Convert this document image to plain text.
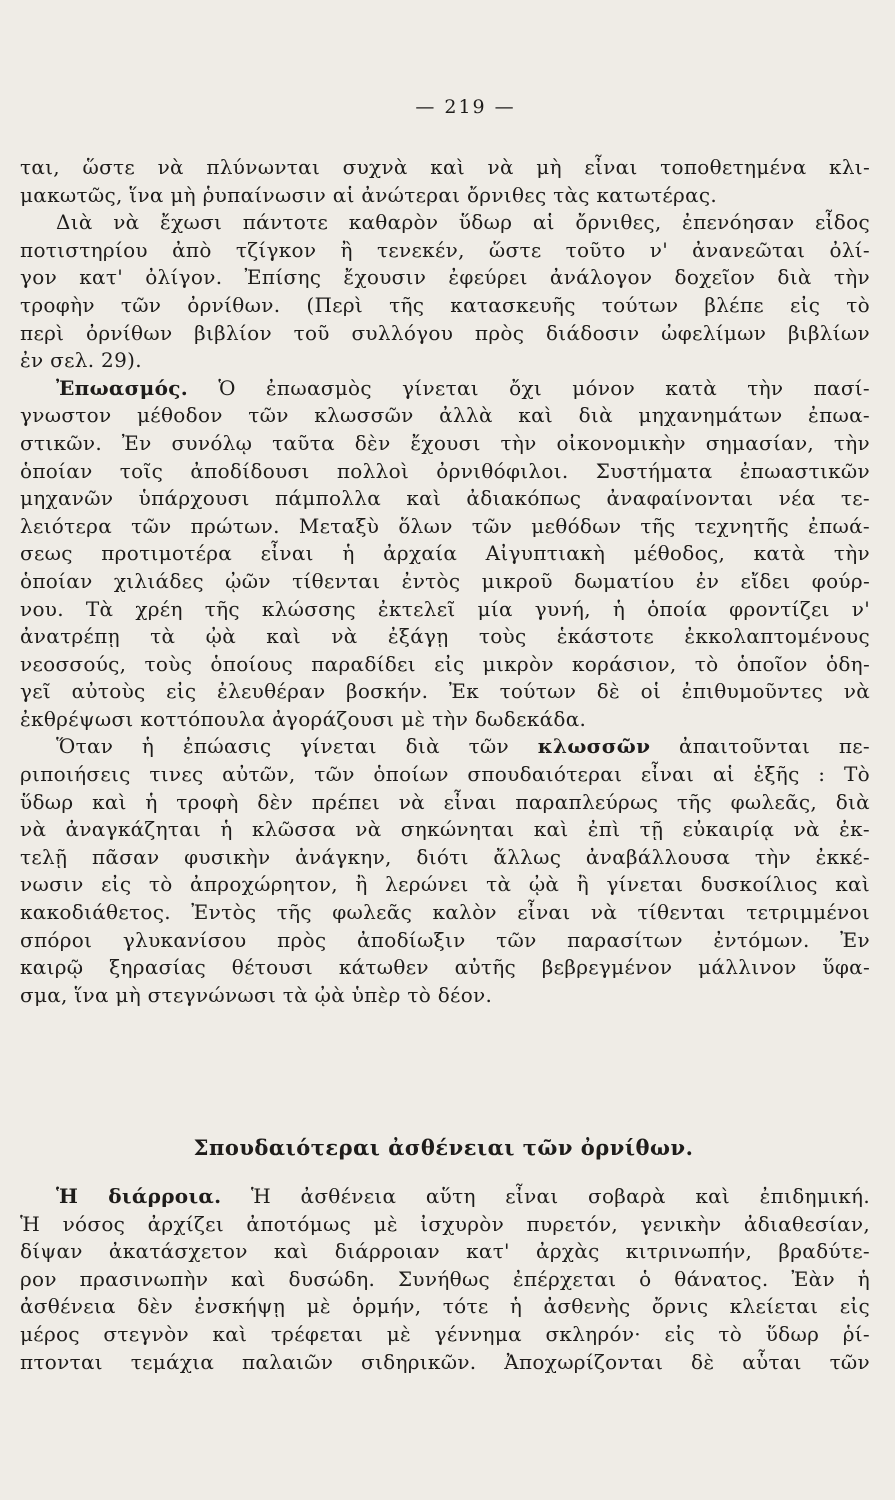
— 219 —
ται, ὥστε νὰ πλύνωνται συχνὰ καὶ νὰ μὴ εἶναι τοποθετημένα κλι-
μακωτῶς, ἵνα μὴ ῥυπαίνωσιν αἱ ἀνώτεραι ὄρνιθες τὰς κατωτέρας.
Διὰ νὰ ἔχωσι πάντοτε καθαρὸν ὕδωρ αἱ ὄρνιθες, ἐπενόησαν εἶδος
ποτιστηρίου ἀπὸ τζίγκον ἢ τενεκέν, ὥστε τοῦτο ν' ἀνανεῶται ὀλί-
γον κατ' ὀλίγον. Ἐπίσης ἔχουσιν ἐφεύρει ἀνάλογον δοχεῖον διὰ τὴν
τροφὴν τῶν ὀρνίθων. (Περὶ τῆς κατασκευῆς τούτων βλέπε εἰς τὸ
περὶ ὀρνίθων βιβλίον τοῦ συλλόγου πρὸς διάδοσιν ὠφελίμων βιβλίων
ἐν σελ. 29).
Ἐπωασμός. Ὁ ἐπωασμὸς γίνεται ὄχι μόνον κατὰ τὴν πασί-
γνωστον μέθοδον τῶν κλωσσῶν ἀλλὰ καὶ διὰ μηχανημάτων ἐπωα-
στικῶν. Ἐν συνόλῳ ταῦτα δὲν ἔχουσι τὴν οἰκονομικὴν σημασίαν, τὴν
ὁποίαν τοῖς ἀποδίδουσι πολλοὶ ὀρνιθόφιλοι. Συστήματα ἐπωαστικῶν
μηχανῶν ὑπάρχουσι πάμπολλα καὶ ἀδιακόπως ἀναφαίνονται νέα τε-
λειότερα τῶν πρώτων. Μεταξὺ ὅλων τῶν μεθόδων τῆς τεχνητῆς ἐπωά-
σεως προτιμοτέρα εἶναι ἡ ἀρχαία Αἰγυπτιακὴ μέθοδος, κατὰ τὴν
ὁποίαν χιλιάδες ᾠῶν τίθενται ἐντὸς μικροῦ δωματίου ἐν εἴδει φούρ-
νου. Τὰ χρέη τῆς κλώσσης ἐκτελεῖ μία γυνή, ἡ ὁποία φροντίζει ν'
ἀνατρέπῃ τὰ ᾠὰ καὶ νὰ ἐξάγῃ τοὺς ἑκάστοτε ἐκκολαπτομένους
νεοσσούς, τοὺς ὁποίους παραδίδει εἰς μικρὸν κοράσιον, τὸ ὁποῖον ὁδη-
γεῖ αὐτοὺς εἰς ἐλευθέραν βοσκήν. Ἐκ τούτων δὲ οἱ ἐπιθυμοῦντες νὰ
ἐκθρέψωσι κοττόπουλα ἀγοράζουσι μὲ τὴν δωδεκάδα.
Ὅταν ἡ ἐπώασις γίνεται διὰ τῶν κλωσσῶν ἀπαιτοῦνται πε-
ριποιήσεις τινες αὐτῶν, τῶν ὁποίων σπουδαιότεραι εἶναι αἱ ἑξῆς : Τὸ
ὕδωρ καὶ ἡ τροφὴ δὲν πρέπει νὰ εἶναι παραπλεύρως τῆς φωλεᾶς, διὰ
νὰ ἀναγκάζηται ἡ κλῶσσα νὰ σηκώνηται καὶ ἐπὶ τῇ εὐκαιρίᾳ νὰ ἐκ-
τελῇ πᾶσαν φυσικὴν ἀνάγκην, διότι ἄλλως ἀναβάλλουσα τὴν ἐκκέ-
νωσιν εἰς τὸ ἀπροχώρητον, ἢ λερώνει τὰ ᾠὰ ἢ γίνεται δυσκοίλιος καὶ
κακοδιάθετος. Ἐντὸς τῆς φωλεᾶς καλὸν εἶναι νὰ τίθενται τετριμμένοι
σπόροι γλυκανίσου πρὸς ἀποδίωξιν τῶν παρασίτων ἐντόμων. Ἐν
καιρῷ ξηρασίας θέτουσι κάτωθεν αὐτῆς βεβρεγμένον μάλλινον ὕφα-
σμα, ἵνα μὴ στεγνώνωσι τὰ ᾠὰ ὑπὲρ τὸ δέον.
Σπουδαιότεραι ἀσθένειαι τῶν ὀρνίθων.
Ἡ διάρροια. Ἡ ἀσθένεια αὕτη εἶναι σοβαρὰ καὶ ἐπιδημική.
Ἡ νόσος ἀρχίζει ἀποτόμως μὲ ἰσχυρὸν πυρετόν, γενικὴν ἀδιαθεσίαν,
δίψαν ἀκατάσχετον καὶ διάρροιαν κατ' ἀρχὰς κιτρινωπήν, βραδύτε-
ρον πρασινωπὴν καὶ δυσώδη. Συνήθως ἐπέρχεται ὁ θάνατος. Ἐὰν ἡ
ἀσθένεια δὲν ἐνσκήψῃ μὲ ὁρμήν, τότε ἡ ἀσθενὴς ὄρνις κλείεται εἰς
μέρος στεγνὸν καὶ τρέφεται μὲ γέννημα σκληρόν· εἰς τὸ ὕδωρ ῥί-
πτονται τεμάχια παλαιῶν σιδηρικῶν. Ἀποχωρίζονται δὲ αὗται τῶν
